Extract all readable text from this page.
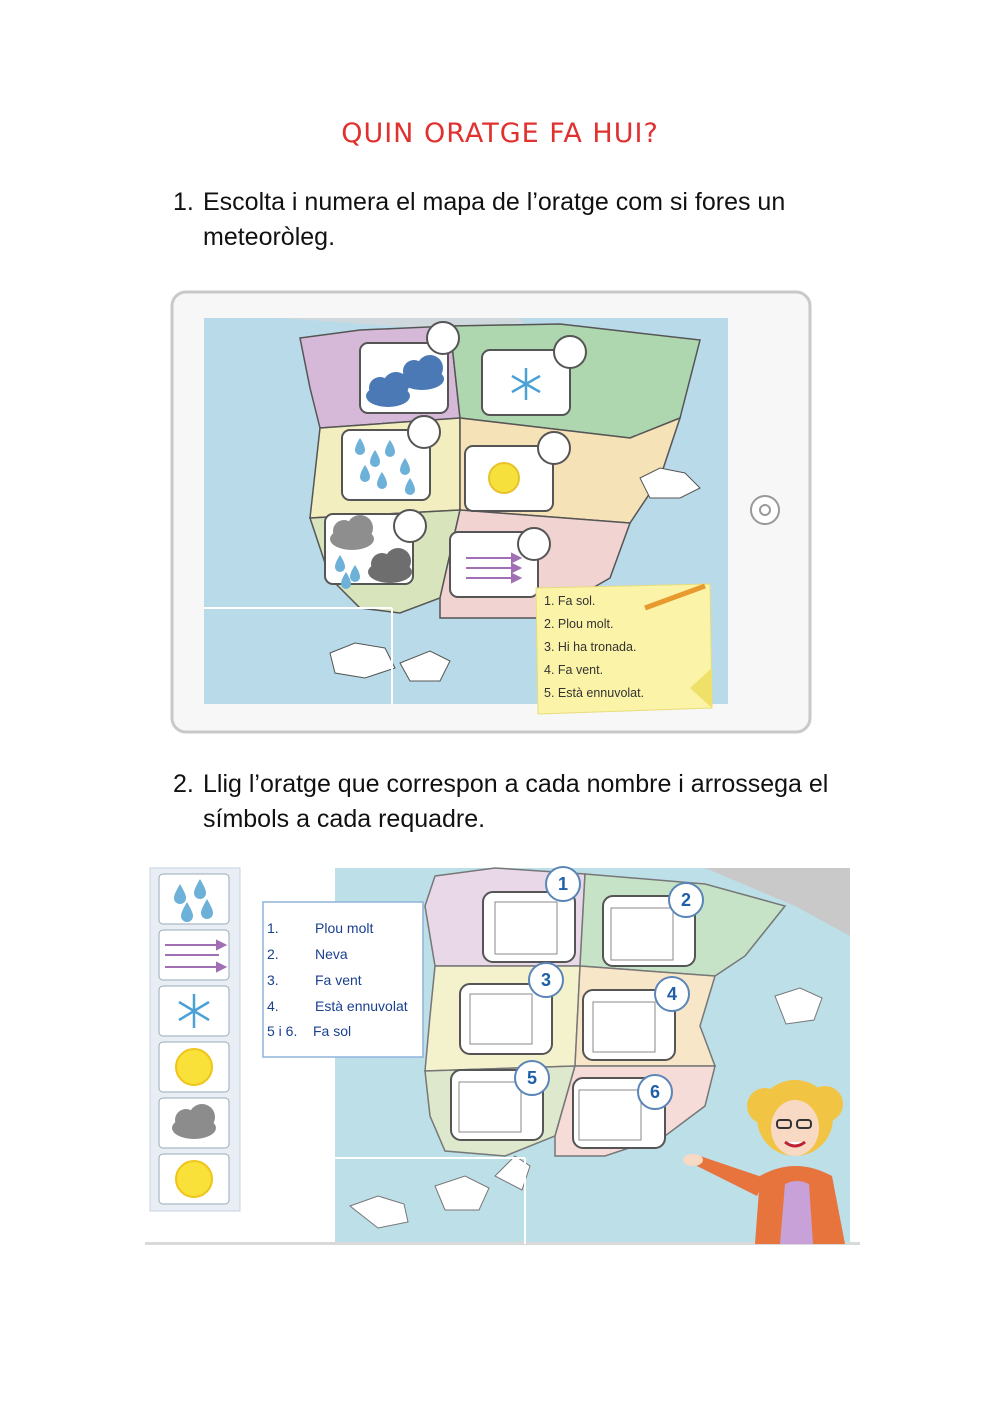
QUIN ORATGE FA HUI?
1. Escolta i numera el mapa de l’oratge com si fores un meteoròleg.
1. Fa sol.
2. Plou molt.
3. Hi ha tronada.
4. Fa vent.
5. Està ennuvolat.
2. Llig l’oratge que correspon a cada nombre i arrossega el símbols a cada requadre.
1.	Plou molt
2.	Neva
3.	Fa vent
4.	Està ennuvolat
5 i 6. Fa sol
1
2
3
4
5
6
